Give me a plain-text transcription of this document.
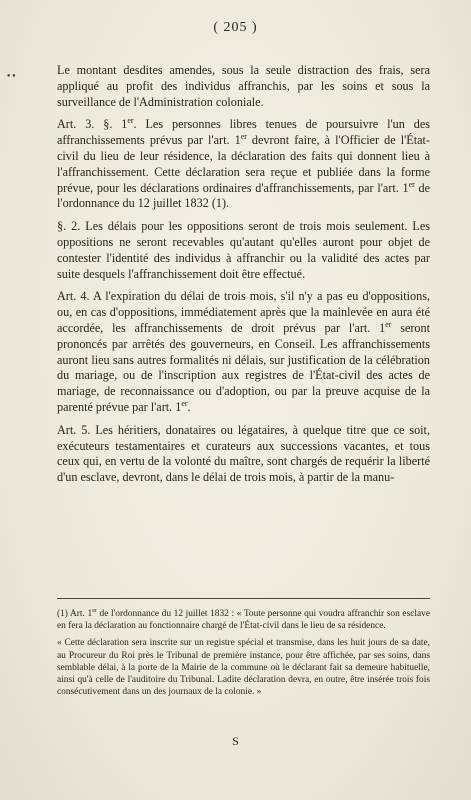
( 205 )
••	Le montant desdites amendes, sous la seule distraction des frais, sera appliqué au profit des individus affranchis, par les soins et sous la surveillance de l'Administration coloniale.

Art. 3. §. 1er. Les personnes libres tenues de poursuivre l'un des affranchissements prévus par l'art. 1er devront faire, à l'Officier de l'État-civil du lieu de leur résidence, la déclaration des faits qui donnent lieu à l'affranchissement. Cette déclaration sera reçue et publiée dans la forme prévue, pour les déclarations ordinaires d'affranchissements, par l'art. 1er de l'ordonnance du 12 juillet 1832 (1).

§. 2. Les délais pour les oppositions seront de trois mois seulement. Les oppositions ne seront recevables qu'autant qu'elles auront pour objet de contester l'identité des individus à affranchir ou la validité des actes par suite desquels l'affranchissement doit être effectué.

Art. 4. A l'expiration du délai de trois mois, s'il n'y a pas eu d'oppositions, ou, en cas d'oppositions, immédiatement après que la mainlevée en aura été accordée, les affranchissements de droit prévus par l'art. 1er seront prononcés par arrêtés des gouverneurs, en Conseil. Les affranchissements auront lieu sans autres formalités ni délais, sur justification de la célébration du mariage, ou de l'inscription aux registres de l'État-civil des actes de mariage, de reconnaissance ou d'adoption, ou par la preuve acquise de la parenté prévue par l'art. 1er.

Art. 5. Les héritiers, donataires ou légataires, à quelque titre que ce soit, exécuteurs testamentaires et curateurs aux successions vacantes, et tous ceux qui, en vertu de la volonté du maître, sont chargés de requérir la liberté d'un esclave, devront, dans le délai de trois mois, à partir de la manu-

(1) Art. 1er de l'ordonnance du 12 juillet 1832 : « Toute personne qui voudra affranchir son esclave en fera la déclaration au fonctionnaire chargé de l'État-civil dans le lieu de sa résidence.

« Cette déclaration sera inscrite sur un registre spécial et transmise, dans les huit jours de sa date, au Procureur du Roi près le Tribunal de première instance, pour être affichée, par ses soins, dans semblable délai, à la porte de la Mairie de la commune où le déclarant fait sa demeure habituelle, ainsi qu'à celle de l'auditoire du Tribunal. Ladite déclaration devra, en outre, être insérée trois fois consécutivement dans un des journaux de la colonie. »

S
